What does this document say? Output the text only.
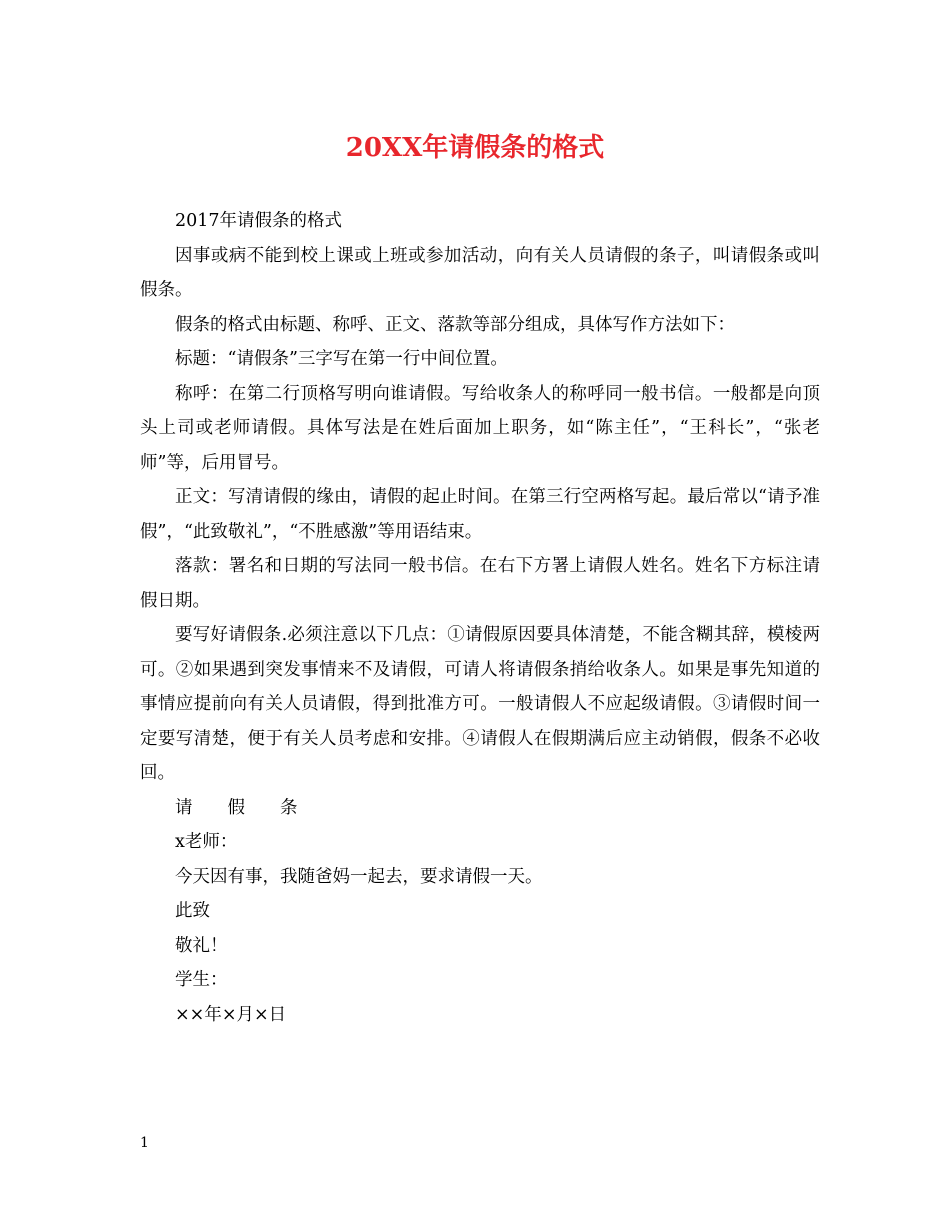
20XX年请假条的格式

2017年请假条的格式

因事或病不能到校上课或上班或参加活动，向有关人员请假的条子，叫请假条或叫假条。

假条的格式由标题、称呼、正文、落款等部分组成，具体写作方法如下：

标题：“请假条”三字写在第一行中间位置。

称呼：在第二行顶格写明向谁请假。写给收条人的称呼同一般书信。一般都是向顶头上司或老师请假。具体写法是在姓后面加上职务，如“陈主任”，“王科长”，“张老师”等，后用冒号。

正文：写清请假的缘由，请假的起止时间。在第三行空两格写起。最后常以“请予准假”，“此致敬礼”，“不胜感激”等用语结束。

落款：署名和日期的写法同一般书信。在右下方署上请假人姓名。姓名下方标注请假日期。

要写好请假条.必须注意以下几点：①请假原因要具体清楚，不能含糊其辞，模棱两可。②如果遇到突发事情来不及请假，可请人将请假条捎给收条人。如果是事先知道的事情应提前向有关人员请假，得到批准方可。一般请假人不应起级请假。③请假时间一定要写清楚，便于有关人员考虑和安排。④请假人在假期满后应主动销假，假条不必收回。

请　　假　　条

x老师：

今天因有事，我随爸妈一起去，要求请假一天。

此致

敬礼！

学生：

××年×月×日

1
